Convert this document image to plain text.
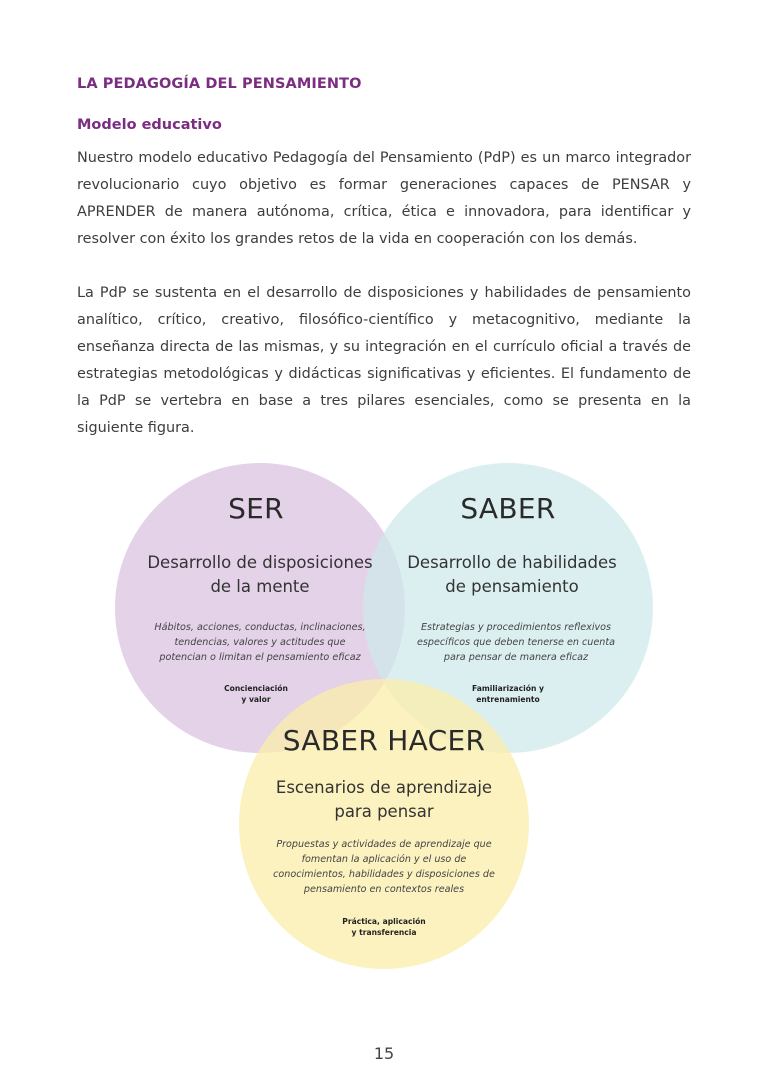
LA PEDAGOGÍA DEL PENSAMIENTO
Modelo educativo

Nuestro modelo educativo Pedagogía del Pensamiento (PdP) es un marco integrador revolucionario cuyo objetivo es formar generaciones capaces de PENSAR y APRENDER de manera autónoma, crítica, ética e innovadora, para identificar y resolver con éxito los grandes retos de la vida en cooperación con los demás.

La PdP se sustenta en el desarrollo de disposiciones y habilidades de pensamiento analítico, crítico, creativo, filosófico-científico y metacognitivo, mediante la enseñanza directa de las mismas, y su integración en el currículo oficial a través de estrategias metodológicas y didácticas significativas y eficientes. El fundamento de la PdP se vertebra en base a tres pilares esenciales, como se presenta en la siguiente figura.

SER
Desarrollo de disposiciones de la mente
Hábitos, acciones, conductas, inclinaciones, tendencias, valores y actitudes que potencian o limitan el pensamiento eficaz
Concienciación
y valor
SABER
Desarrollo de habilidades de pensamiento
Estrategias y procedimientos reflexivos específicos que deben tenerse en cuenta para pensar de manera eficaz
Familiarización y
entrenamiento
SABER HACER
Escenarios de aprendizaje para pensar
Propuestas y actividades de aprendizaje que fomentan la aplicación y el uso de conocimientos, habilidades y disposiciones de pensamiento en contextos reales
Práctica, aplicación
y transferencia
15
